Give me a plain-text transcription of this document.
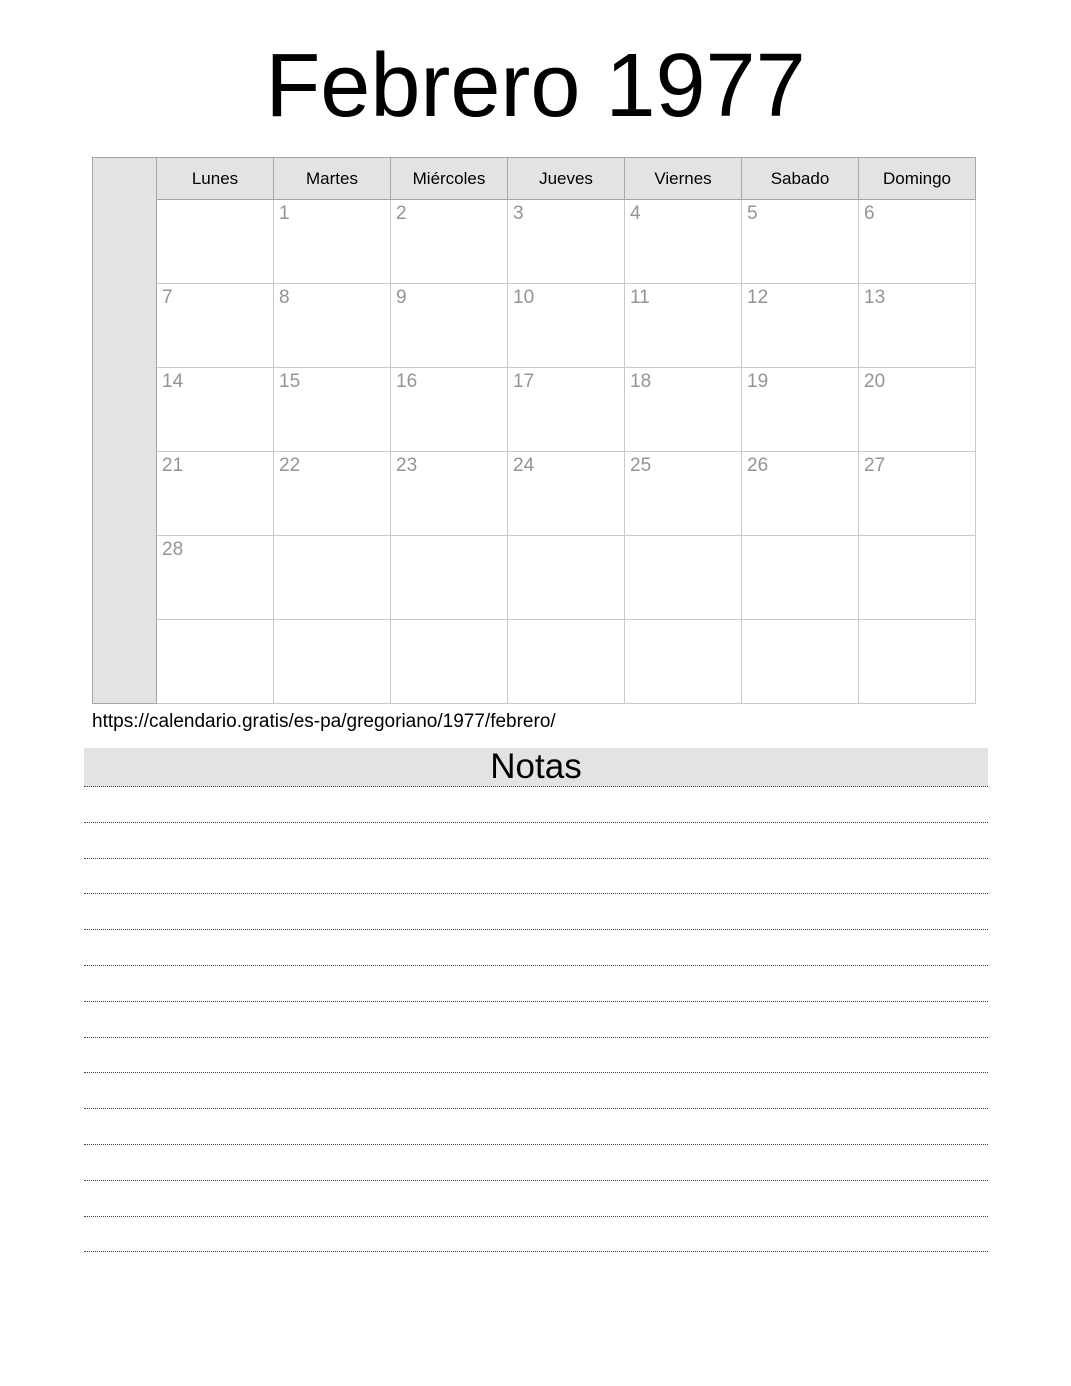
Febrero 1977
	Lunes	Martes	Miércoles	Jueves	Viernes	Sabado	Domingo
		1	2	3	4	5	6
	7	8	9	10	11	12	13
	14	15	16	17	18	19	20
	21	22	23	24	25	26	27
	28						

https://calendario.gratis/es-pa/gregoriano/1977/febrero/
Notas
